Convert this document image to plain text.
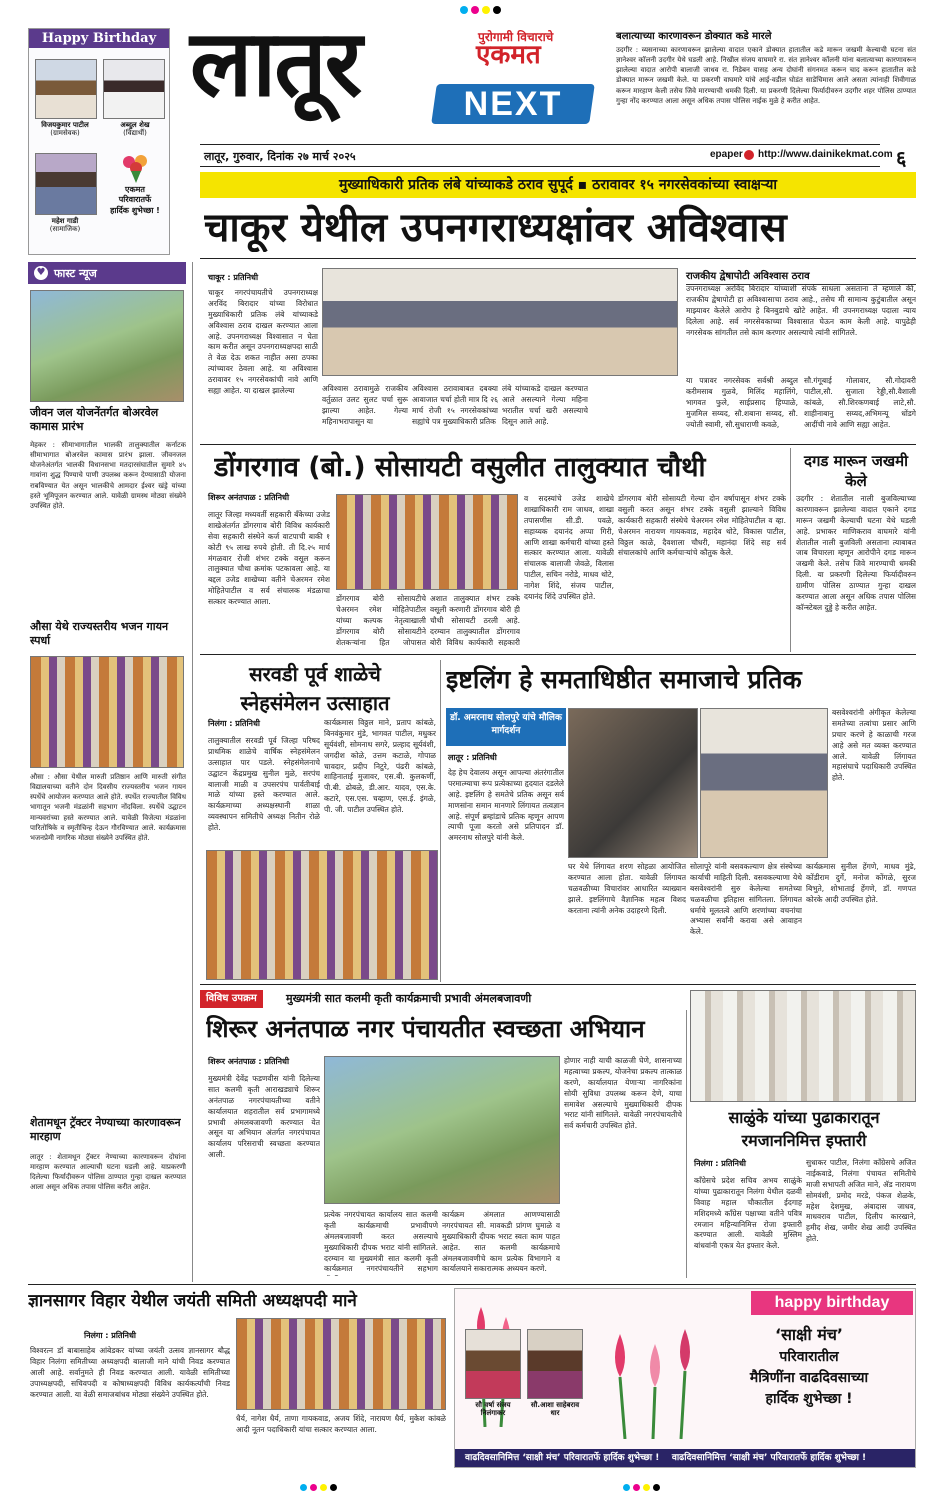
Happy Birthday
विजयकुमार पाटील
(ग्रामसेवक)
अब्दुल शेख
(विद्यार्थी)
महेश गाडी
(सामाजिक)
एकमत
परिवारातर्फे
हार्दिक शुभेच्छा !
लातूर	पुरोगामी विचाराचे
एकमत
NEXT
लातूर, गुरुवार, दिनांक २७ मार्च २०२५	epaper http://www.dainikekmat.com ६
बलात्याच्या कारणावरून डोक्यात कडे मारले
उदगीर : व्यसनाच्या कारणावरून झालेल्या वादात एकाने डोक्यात हातातील कडे मारून जखमी केल्याची घटना संत ज्ञानेश्वर कॉलनी उदगीर येथे घडली आहे. निखील संजय वाघमारे रा. संत ज्ञानेश्वर कॉलनी यांना बलात्याच्या कारणावरून झालेल्या वादात आरोपी बालाजी जाधव रा. निडेबन यासह अन्य दोघांनी संगनमत करून चाद करून हातातील कडे डोक्यात मारून जखमी केले. या प्रकरणी वाघमारे यांचे आई-वडील घोडंत साडेचिमास आले असता त्यांनाही शिवीगाळ करून मारहाण केली तसेच जिवे मारण्याची धमकी दिली. या प्रकरणी दिलेल्या फिर्यादीवरुन उदगीर शहर पोलिस ठाण्यात गुन्हा नोंद करण्यात आला असून अधिक तपास पोलिस नाईक मुळे हे करीत आहेत.
मुख्याधिकारी प्रतिक लंबे यांच्याकडे ठराव सुपूर्द ▪ ठरावावर १५ नगरसेवकांच्या स्वाक्षऱ्या
चाकूर येथील उपनगराध्यक्षांवर अविश्वास
♥ फास्ट न्यूज	चाकूर : प्रतिनिधी
चाकूर नगरपंचायतीचे उपनगराध्यक्ष अरविंद बिरादार यांच्या विरोधात मुख्याधिकारी प्रतिक लंबे यांच्याकडे अविश्वास ठराव दाखल करण्यात आला आहे. उपनगराध्यक्ष विश्वासात न घेता काम करीत असून उपनगराध्यक्षपदा साठी ते वेळ देऊ शकत नाहीत असा ठपका त्यांच्यावर ठेवला आहे. या अविश्वास ठरावावर १५ नगरसेवकांची नावे आणि सह्या आहेत. या दाखल झालेल्या	अविश्वास ठरावामुळे राजकीय वर्तुळात उलट सुलट चर्चा सुरू झाल्या आहेत. गेल्या महिनाभरापासून या
अविश्वास ठरावाबाबत दबक्या आवाजात चर्चा होती मात्र दि २६ मार्च रोजी १५ नगरसेवकांच्या सह्यांचे पत्र मुख्याधिकारी प्रतिक
लंबे यांच्याकडे दाखल करण्यात आले असल्याने गेल्या महिना भरातील चर्चा खरी असल्याचे दिसून आले आहे.
राजकीय द्वेषापोटी अविश्वास ठराव
उपनगराध्यक्ष अरविंद बिरादार यांच्याशी संपर्क साधला असताना ते म्हणाले की, राजकीय द्वेषापोटी हा अविश्वासाचा ठराव आहे., तसेच मी सामान्य कुटुंबातील असून माझ्यावर केलेले आरोप हे बिनबुडाचे खोटे आहेत. मी उपनगराध्यक्ष पदाला न्याय दिलेला आहे. सर्व नगरसेवकाच्या विश्वासात घेऊन काम केली आहे. यापुढेही नगरसेवक सांगतील तसे काम करणार असल्याचे त्यांनी सांगितले.
या पत्रावर नगरसेवक सर्वश्री अब्दुल करीमसाब गुळवे, मिलिंद महालिंगे, भागवत फुले, साईप्रसाद हिप्पाळे, मुजमिल सय्यद, सौ.शबाना सय्यद, सौ. ज्योती स्वामी, सौ.सुधाराणी कवळे,
सौ.गंगूबाई गोलावार, सौ.गोदावरी पाटील,सौ. सुजाता रेड्डी,सौ.वैशाली कांबळे, सौ.शिरकणबाई लाटे,सौ. शाहीनाबानु सय्यद,अभिमन्यू धोंडगे आदींची नावे आणि सह्या आहेत.
जीवन जल योजनेंतर्गत बोअरवेल कामास प्रारंभ
मेहकर : सीमाभागातील भालकी तालुक्यातील कर्नाटक सीमाभागात बोअरवेल कामास प्रारंभ झाला. जीवनजल योजनेअंतर्गत भालकी विधानसभा मतदारसंघातील सुमारे ४५ गावांना शुद्ध पिण्याचे पाणी उपलब्ध करून देण्यासाठी योजना राबविण्यात येत असून भालकीचे आमदार ईश्वर खंड्रे यांच्या हस्ते भूमिपूजन करण्यात आले. यावेळी ग्रामस्थ मोठ्या संख्येने उपस्थित होते.
औसा येथे राज्यस्तरीय भजन गायन स्पर्धा
औसा : औसा येथील मारुती प्रतिष्ठान आणि मारुती संगीत विद्यालयाच्या वतीने दोन दिवसीय राज्यस्तरीय भजन गायन स्पर्धेचे आयोजन करण्यात आले होते. स्पर्धेत राज्यातील विविध भागातून भजनी मंडळांनी सहभाग नोंदविला. स्पर्धेचे उद्घाटन मान्यवरांच्या हस्ते करण्यात आले. यावेळी विजेत्या मंडळांना पारितोषिके व स्मृतीचिन्ह देऊन गौरविण्यात आले. कार्यक्रमास भजनप्रेमी नागरिक मोठ्या संख्येने उपस्थित होते.
शेतामधून ट्रॅक्टर नेण्याच्या कारणावरून मारहाण
लातूर : शेतामधून ट्रॅक्टर नेण्याच्या कारणावरून दोघांना मारहाण करण्यात आल्याची घटना घडली आहे. याप्रकरणी दिलेल्या फिर्यादीवरून पोलिस ठाण्यात गुन्हा दाखल करण्यात आला असून अधिक तपास पोलिस करीत आहेत.
डोंगरगाव (बो.) सोसायटी वसुलीत तालुक्यात चौथी
शिरूर अनंतपाळ : प्रतिनिधी
लातूर जिल्हा मध्यवर्ती सहकारी बँकेच्या उजेड शाखेअंतर्गत डोंगरगाव बोरी विविध कार्यकारी सेवा सहकारी संस्थेने कर्ज वाटपाची बाकी १ कोटी ९५ लाख रुपये होती. ती दि.२५ मार्च मंगळवार रोजी शंभर टक्के वसूल करून तालुक्यात चौथा क्रमांक पटकावला आहे. या बद्दल उजेड शाखेच्या वतीने चेअरमन रमेश मोहितेपाटील व सर्व संचालक मंडळाचा सत्कार करण्यात आला.	डोंगरगाव बोरी सोसायटीचे चेअरमन रमेश मोहितेपाटील यांच्या कल्पक नेतृत्वाखाली डोंगरगाव बोरी सोसायटीने शेतकऱ्यांना हित जोपासत
अशात तालुक्यात शंभर टक्के वसूली करणारी डोंगरगाव बोरी ही चौथी सोसायटी ठरली आहे. दरम्यान तालुक्यातील डोंगरगाव बोरी विविध कार्यकारी सहकारी
व सदस्यांचे उजेड शाखेचे शाखाधिकारी राम जाधव, शाखा तपासणीस सी.डी. पवळे, सहाय्यक दयानंद अप्पा गिरी, आणि शाखा कर्मचारी यांच्या हस्ते सत्कार करण्यात आला. यावेळी संचालक बालाजी जेवळे, विलास पाटील, सचिन नरोडे, माधव थोटे, नागेश शिंदे, संजय पाटील, दयानंद शिंदे उपस्थित होते.
डोंगरगाव बोरी सोसायटी गेल्या दोन वर्षापासून शंभर टक्के वसुली करत असून शंभर टक्के वसुली झाल्याने विविध कार्यकारी सहकारी संस्थेचे चेअरमन रमेश मोहितेपाटील व व्हा. चेअरमन नारायण गायकवाड, महादेव थोटे, विकास पाटील, विठ्ठल काळे, दैवशाला चौधरी, महानंदा शिंदे सह सर्व संचालकांचे आणि कर्मचाऱ्यांचे कौतुक केले.
दगड मारून जखमी केले
उदगीर : शेतातील नाली बुजविल्याच्या कारणावरून झालेल्या वादात एकाने दगड मारून जखमी केल्याची घटना येथे घडली आहे. प्रभाकर माणिकराव वाघमारे यांनी शेतातील नाली बुजविली असताना त्याबाबत जाब विचारला म्हणून आरोपीने दगड मारून जखमी केले. तसेच जिवे मारण्याची धमकी दिली. या प्रकरणी दिलेल्या फिर्यादीवरुन ग्रामीण पोलिस ठाण्यात गुन्हा दाखल करण्यात आला असून अधिक तपास पोलिस कॉन्स्टेबल दुड्डे हे करीत आहेत.
सरवडी पूर्व शाळेचे स्नेहसंमेलन उत्साहात
निलंगा : प्रतिनिधी
तालुक्यातील सरवडी पूर्व जिल्हा परिषद प्राथमिक शाळेचे वार्षिक स्नेहसंमेलन उत्साहात पार पडले. स्नेहसंमेलनाचे उद्घाटन केंद्रप्रमुख सुनील मुळे, सरपंच बालाजी माळी व उपसरपंच पार्वतीबाई माळे यांच्या हस्ते करण्यात आले. कार्यक्रमाच्या अध्यक्षस्थानी शाळा व्यवस्थापन समितीचे अध्यक्ष नितीन रोळे होते.
कार्यक्रमास विठ्ठल माने, प्रताप कांबळे, बिनवंकुमार मुंडे, भागवत पाटील, मधुकर सूर्यवंशी, सोमनाथ सगरे, प्रल्हाद सूर्यवंशी, जगदीश कोळे, उत्तम कटाळे, गोपाळ चावदार, प्रदीप निटुरे, पंढरी कांबळे, शाहिनाताई मुजावर, एस.बी. कुलकर्णी, पी.बी. ढोबळे, डी.आर. यादव, एस.के. कटारे, एस.एस. चव्हाण, एस.ई. इंगळे, पी. जी. पाटील उपस्थित होते.
इष्टलिंग हे समताधिष्ठीत समाजाचे प्रतिक
डॉ. अमरनाथ सोलपुरे यांचे मौलिक मार्गदर्शन
लातूर : प्रतिनिधी
देह हेच देवालय असून आपल्या अंतरंगातील परमात्म्याचा रूप प्रत्येकाच्या हृदयात दडलेले आहे. इष्टलिंग हे समतेचे प्रतिक असून सर्व माणसांना समान मानणारे लिंगायत तत्वज्ञान आहे. संपूर्ण ब्रम्हांडाचे प्रतिक म्हणून आपण त्याची पूजा करतो असे प्रतिपादन डॉ. अमरनाथ सोलपुरे यांनी केले.
घर येथे लिंगायत शरण सोहळा आयोजित करण्यात आला होता. यावेळी लिंगायत चळवळीच्या विचारांवर आधारित व्याख्यान झाले. इष्टलिंगाचे वैज्ञानिक महत्व विशद करताना त्यांनी अनेक उदाहरणे दिली.
सोलापूरे यांनी बसवकल्याण क्षेत्र संस्थेच्या कार्याची माहिती दिली. वसवकल्याणा येथे बसवेश्वरांनी सुरु केलेल्या समतेच्या चळवळीचा इतिहास सांगितला. लिंगायत धर्माचे मूलतत्वे आणि शरणांच्या वचनांचा अभ्यास सर्वांनी करावा असे आवाहन केले.
बसवेश्वरांनी अंगीकृत केलेल्या समतेच्या तत्वांचा प्रसार आणि प्रचार करणे हे काळाची गरज आहे असे मत व्यक्त करण्यात आले. यावेळी लिंगायत महासंघाचे पदाधिकारी उपस्थित होते.
कार्यक्रमास सुनील हेंगणे, माधव मुंढे, कोंडीराम दुर्गे, मनोज कोंगळे, सुरज बिभुते, शोभाताई हेंगणे, डॉ. गणपत कोरके आदी उपस्थित होते.
विविध उपक्रम	मुख्यमंत्री सात कलमी कृती कार्यक्रमाची प्रभावी अंमलबजावणी
शिरूर अनंतपाळ नगर पंचायतीत स्वच्छता अभियान
शिरूर अनंतपाळ : प्रतिनिधी
मुख्यमंत्री देवेंद्र फडणवीस यांनी दिलेल्या सात कलमी कृती आराखड्याचे शिरूर अनंतपाळ नगरपंचायतीच्या वतीने कार्यालयात शहरातील सर्व प्रभागामध्ये प्रभावी अंमलबजावणी करण्यात येत असून या अभियान अंतर्गत नगरपंचायत कार्यालय परिसराची स्वच्छता करण्यात आली.
प्रत्येक नगरपंचायत कार्यालय सात कलमी कृती कार्यक्रमाची प्रभावीपणे अंमलबजावणी करत असल्याचे मुख्याधिकारी दीपक भराट यांनी सांगितले. दरम्यान या मुख्यमंत्री सात कलमी कृती कार्यक्रमात नगरपंचायतीने सहभाग
कार्यक्रम अंमलात आणण्यासाठी नगरपंचायत सी. मावकडी प्रांगण घुमाळे व मुख्याधिकारी दीपक भराट स्वतः काम पाहत आहेत. सात कलमी कार्यक्रमाचे अंमलबजावणीचे काम प्रत्येक विभागाने व कार्यालयाने सकारात्मक अध्ययन करणे.
होणार नाही याची काळजी घेणे, शासनाच्या महत्वाच्या प्रकल्प, योजनेचा प्रकल्प तात्काळ करणे, कार्यालयात येणाऱ्या नागरिकांना सोयी सुविधा उपलब्ध करून देणे, याचा समावेश असल्याचे मुख्याधिकारी दीपक भराट यांनी सांगितले. यावेळी नगरपंचायतीचे सर्व कर्मचारी उपस्थित होते.	साळुंके यांच्या पुढाकारातून रमजाननिमित्त इफ्तारी
निलंगा : प्रतिनिधी
काँग्रेसचे प्रदेश सचिव अभय साळुंके यांच्या पुढाकारातून निलंगा येथील दळवी विवाह महाल चौकातील ईदगाह मशिदमध्ये काँग्रेस पक्षाच्या वतीने पवित्र रमजान महिन्यानिमित्त रोजा इफ्तारी करण्यात आली. यावेळी मुस्लिम बांधवांनी एकत्र येत इफ्तार केले.
सुधाकर पाटील, निलंगा काँग्रेसचे अजित नाईकवाडे, निलंगा पंचायत समितीचे माजी सभापती अजित माने, ॲड नारायण सोमवंशी, प्रमोद मरडे, पंकज शेळके, महेश देशमुख, अंबादास जाधव, माधवराव पाटील, दिलीप कारखाने, हमीद शेख, जमीर शेख आदी उपस्थित होते.
ज्ञानसागर विहार येथील जयंती समिती अध्यक्षपदी माने
निलंगा : प्रतिनिधी
विश्वरत्न डॉ बाबासाहेब आंबेडकर यांच्या जयंती उत्सव ज्ञानसागर बौद्ध विहार निलंगा समितीच्या अध्यक्षपदी बालाजी माने यांची निवड करण्यात आली आहे. सर्वानुमते ही निवड करण्यात आली. यावेळी समितीच्या उपाध्यक्षपदी, सचिवपदी व कोषाध्यक्षपदी विविध कार्यकर्त्यांची निवड करण्यात आली. या वेळी समाजबांधव मोठ्या संख्येने उपस्थित होते.
धैर्य, नागेश धैर्य, ताणा गायकवाड, अजय शिंदे, नारायण धैर्य, मुकेश कांबळे आदी नूतन पदाधिकारी यांचा सत्कार करण्यात आला.
happy birthday
सौ वर्षा संजय
निलंगाकर
सौ.आशा साहेबराव
धार
‘साक्षी मंच’
परिवारातील
मैत्रिणींना वाढदिवसाच्या
हार्दिक शुभेच्छा !
वाढदिवसानिमित्त ‘साक्षी मंच’ परिवारातर्फे हार्दिक शुभेच्छा !    वाढदिवसानिमित्त ‘साक्षी मंच’ परिवारातर्फे हार्दिक शुभेच्छा !
